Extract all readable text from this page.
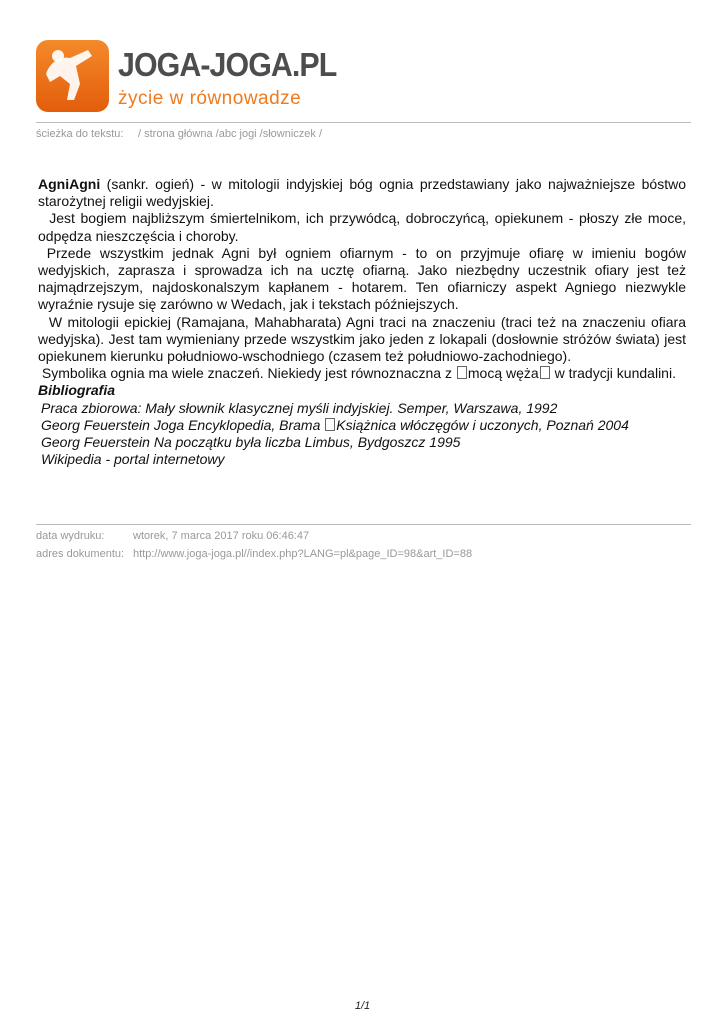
JOGA-JOGA.PL
życie w równowadze
ścieżka do tekstu: / strona główna /abc jogi /słowniczek /

AgniAgni (sankr. ogień) - w mitologii indyjskiej bóg ognia przedstawiany jako najważniejsze bóstwo starożytnej religii wedyjskiej.

Jest bogiem najbliższym śmiertelnikom, ich przywódcą, dobroczyńcą, opiekunem - płoszy złe moce, odpędza nieszczęścia i choroby.

Przede wszystkim jednak Agni był ogniem ofiarnym - to on przyjmuje ofiarę w imieniu bogów wedyjskich, zaprasza i sprowadza ich na ucztę ofiarną. Jako niezbędny uczestnik ofiary jest też najmądrzejszym, najdoskonalszym kapłanem - hotarem. Ten ofiarniczy aspekt Agniego niezwykle wyraźnie rysuje się zarówno w Wedach, jak i tekstach późniejszych.

W mitologii epickiej (Ramajana, Mahabharata) Agni traci na znaczeniu (traci też na znaczeniu ofiara wedyjska). Jest tam wymieniany przede wszystkim jako jeden z lokapali (dosłownie stróżów świata) jest opiekunem kierunku południowo-wschodniego (czasem też południowo-zachodniego).

Symbolika ognia ma wiele znaczeń. Niekiedy jest równoznaczna z mocą węża w tradycji kundalini.

Bibliografia

Praca zbiorowa: Mały słownik klasycznej myśli indyjskiej. Semper, Warszawa, 1992

Georg Feuerstein Joga Encyklopedia, Brama Książnica włóczęgów i uczonych, Poznań 2004

Georg Feuerstein Na początku była liczba Limbus, Bydgoszcz 1995

Wikipedia - portal internetowy

data wydruku:	wtorek, 7 marca 2017 roku 06:46:47
adres dokumentu: http://www.joga-joga.pl//index.php?LANG=pl&page_ID=98&art_ID=88
1/1
